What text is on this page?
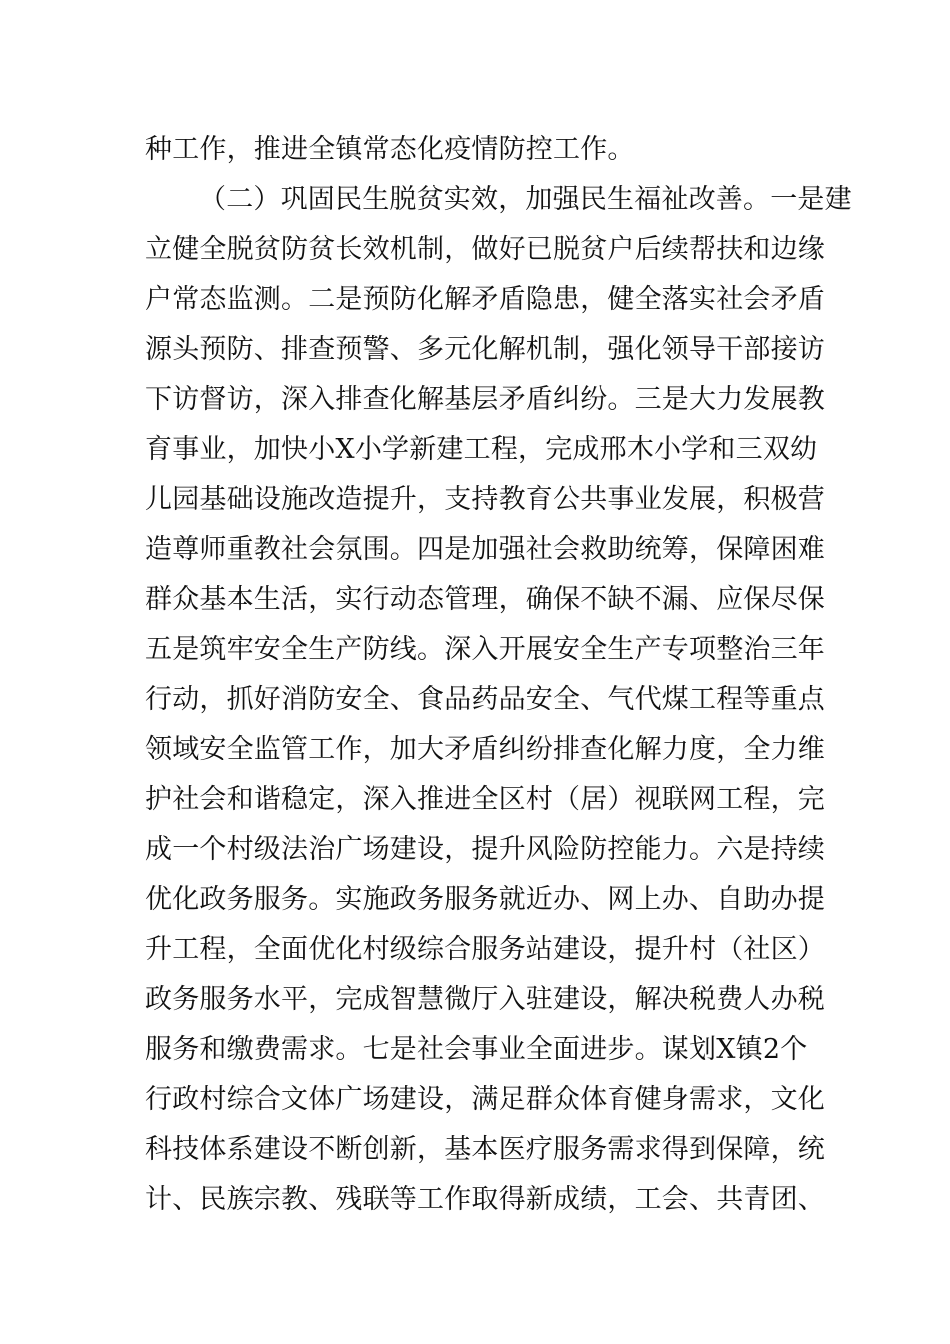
种工作，推进全镇常态化疫情防控工作。
（二）巩固民生脱贫实效，加强民生福祉改善。一是建
立健全脱贫防贫长效机制，做好已脱贫户后续帮扶和边缘
户常态监测。二是预防化解矛盾隐患，健全落实社会矛盾
源头预防、排查预警、多元化解机制，强化领导干部接访
下访督访，深入排查化解基层矛盾纠纷。三是大力发展教
育事业，加快小X小学新建工程，完成邢木小学和三双幼
儿园基础设施改造提升，支持教育公共事业发展，积极营
造尊师重教社会氛围。四是加强社会救助统筹，保障困难
群众基本生活，实行动态管理，确保不缺不漏、应保尽保
五是筑牢安全生产防线。深入开展安全生产专项整治三年
行动，抓好消防安全、食品药品安全、气代煤工程等重点
领域安全监管工作，加大矛盾纠纷排查化解力度，全力维
护社会和谐稳定，深入推进全区村（居）视联网工程，完
成一个村级法治广场建设，提升风险防控能力。六是持续
优化政务服务。实施政务服务就近办、网上办、自助办提
升工程，全面优化村级综合服务站建设，提升村（社区）
政务服务水平，完成智慧微厅入驻建设，解决税费人办税
服务和缴费需求。七是社会事业全面进步。谋划X镇2个
行政村综合文体广场建设，满足群众体育健身需求，文化
科技体系建设不断创新，基本医疗服务需求得到保障，统
计、民族宗教、残联等工作取得新成绩，工会、共青团、
